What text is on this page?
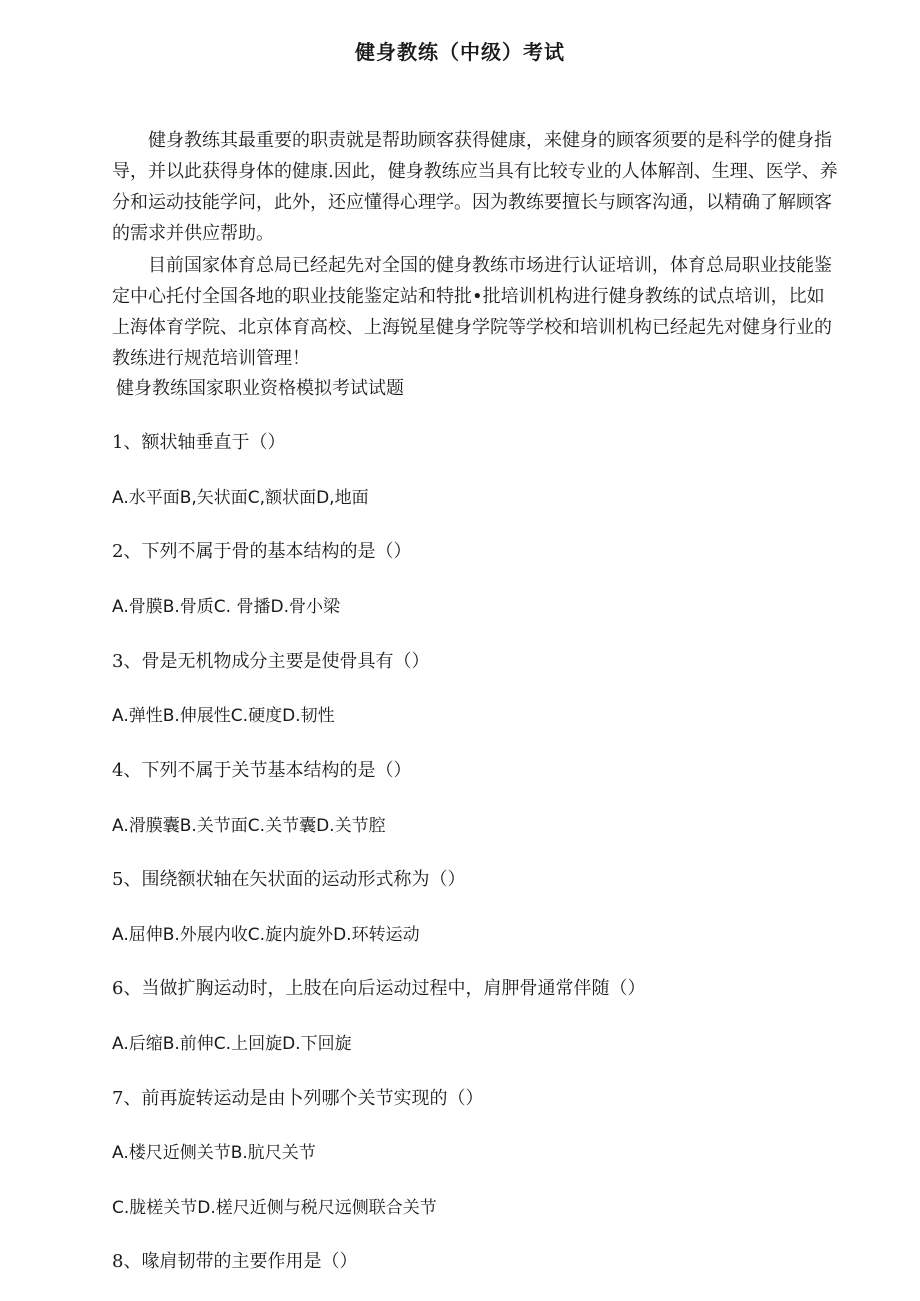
健身教练（中级）考试
健身教练其最重要的职责就是帮助顾客获得健康，来健身的顾客须要的是科学的健身指导，并以此获得身体的健康.因此，健身教练应当具有比较专业的人体解剖、生理、医学、养分和运动技能学问，此外，还应懂得心理学。因为教练要擅长与顾客沟通，以精确了解顾客的需求并供应帮助。
目前国家体育总局已经起先对全国的健身教练市场进行认证培训，体育总局职业技能鉴定中心托付全国各地的职业技能鉴定站和特批•批培训机构进行健身教练的试点培训，比如上海体育学院、北京体育高校、上海锐星健身学院等学校和培训机构已经起先对健身行业的教练进行规范培训管理！
健身教练国家职业资格模拟考试试题
1、额状轴垂直于（）
A.水平面B,矢状面C,额状面D,地面
2、下列不属于骨的基本结构的是（）
A.骨膜B.骨质C. 骨播D.骨小梁
3、骨是无机物成分主要是使骨具有（）
A.弹性B.伸展性C.硬度D.韧性
4、下列不属于关节基本结构的是（）
A.滑膜囊B.关节面C.关节囊D.关节腔
5、围绕额状轴在矢状面的运动形式称为（）
A.屈伸B.外展内收C.旋内旋外D.环转运动
6、当做扩胸运动时，上肢在向后运动过程中，肩胛骨通常伴随（）
A.后缩B.前伸C.上回旋D.下回旋
7、前再旋转运动是由卜列哪个关节实现的（）
A.楼尺近侧关节B.肮尺关节
C.胧槎关节D.槎尺近侧与税尺远侧联合关节
8、喙肩韧带的主要作用是（）
